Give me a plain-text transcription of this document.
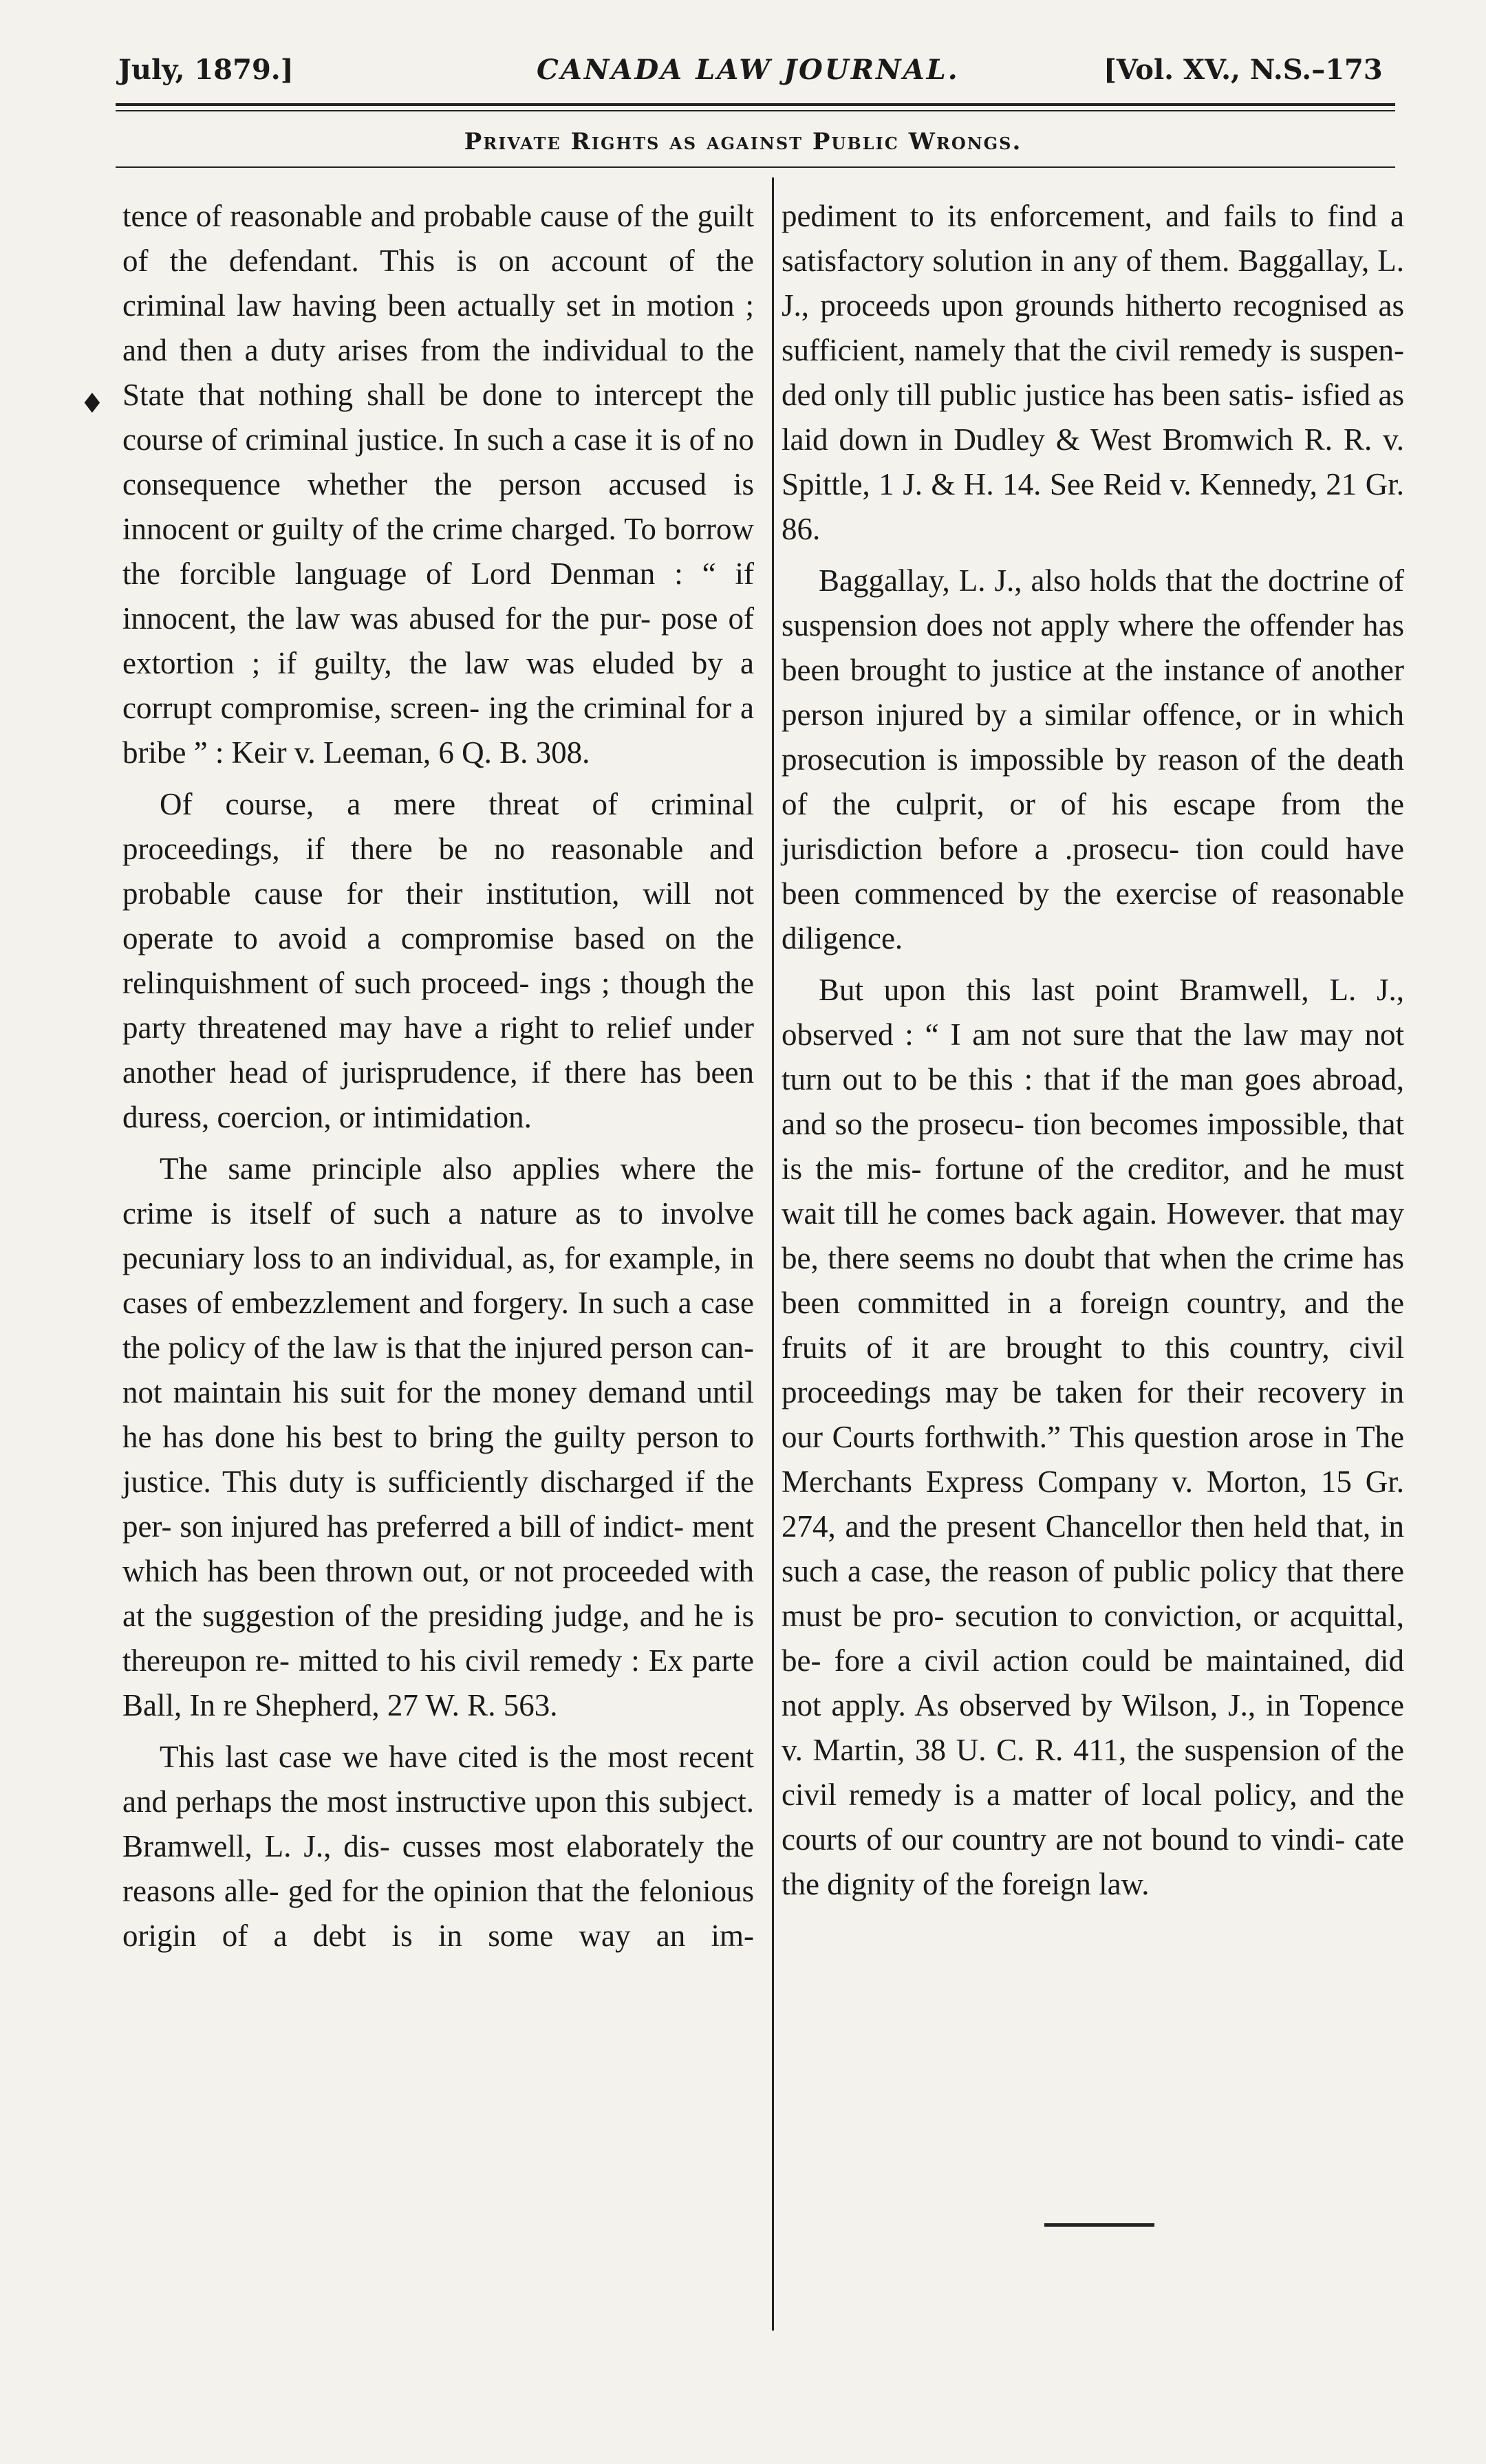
July, 1879.]	CANADA LAW JOURNAL.	[Vol. XV., N.S.–173
Private Rights as against Public Wrongs.
♦

tence of reasonable and probable cause of the guilt of the defendant. This is on account of the criminal law having been actually set in motion ; and then a duty arises from the individual to the State that nothing shall be done to intercept the course of criminal justice. In such a case it is of no consequence whether the person accused is innocent or guilty of the crime charged. To borrow the forcible language of Lord Denman : “ if innocent, the law was abused for the pur- pose of extortion ; if guilty, the law was eluded by a corrupt compromise, screen- ing the criminal for a bribe ” : Keir v. Leeman, 6 Q. B. 308.

Of course, a mere threat of criminal proceedings, if there be no reasonable and probable cause for their institution, will not operate to avoid a compromise based on the relinquishment of such proceed- ings ; though the party threatened may have a right to relief under another head of jurisprudence, if there has been duress, coercion, or intimidation.

The same principle also applies where the crime is itself of such a nature as to involve pecuniary loss to an individual, as, for example, in cases of embezzlement and forgery. In such a case the policy of the law is that the injured person can- not maintain his suit for the money demand until he has done his best to bring the guilty person to justice. This duty is sufficiently discharged if the per- son injured has preferred a bill of indict- ment which has been thrown out, or not proceeded with at the suggestion of the presiding judge, and he is thereupon re- mitted to his civil remedy : Ex parte Ball, In re Shepherd, 27 W. R. 563.

This last case we have cited is the most recent and perhaps the most instructive upon this subject. Bramwell, L. J., dis- cusses most elaborately the reasons alle- ged for the opinion that the felonious origin of a debt is in some way an im-

pediment to its enforcement, and fails to find a satisfactory solution in any of them. Baggallay, L. J., proceeds upon grounds hitherto recognised as sufficient, namely that the civil remedy is suspen- ded only till public justice has been satis- isfied as laid down in Dudley & West Bromwich R. R. v. Spittle, 1 J. & H. 14. See Reid v. Kennedy, 21 Gr. 86.

Baggallay, L. J., also holds that the doctrine of suspension does not apply where the offender has been brought to justice at the instance of another person injured by a similar offence, or in which prosecution is impossible by reason of the death of the culprit, or of his escape from the jurisdiction before a .prosecu- tion could have been commenced by the exercise of reasonable diligence.

But upon this last point Bramwell, L. J., observed : “ I am not sure that the law may not turn out to be this : that if the man goes abroad, and so the prosecu- tion becomes impossible, that is the mis- fortune of the creditor, and he must wait till he comes back again. However. that may be, there seems no doubt that when the crime has been committed in a foreign country, and the fruits of it are brought to this country, civil proceedings may be taken for their recovery in our Courts forthwith.” This question arose in The Merchants Express Company v. Morton, 15 Gr. 274, and the present Chancellor then held that, in such a case, the reason of public policy that there must be pro- secution to conviction, or acquittal, be- fore a civil action could be maintained, did not apply. As observed by Wilson, J., in Topence v. Martin, 38 U. C. R. 411, the suspension of the civil remedy is a matter of local policy, and the courts of our country are not bound to vindi- cate the dignity of the foreign law.
